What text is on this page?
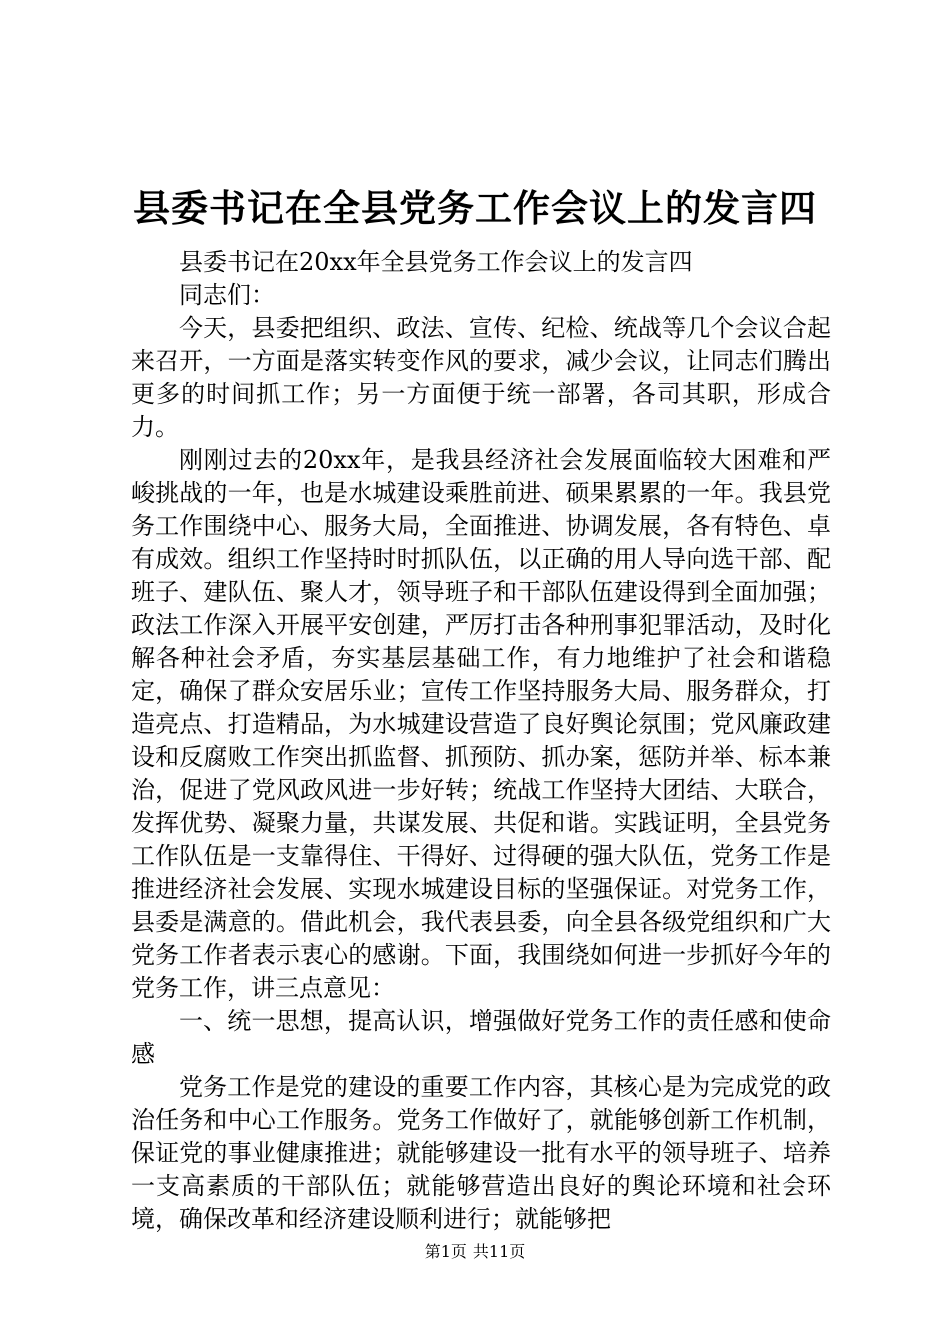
县委书记在全县党务工作会议上的发言四

县委书记在20xx年全县党务工作会议上的发言四

同志们：

今天，县委把组织、政法、宣传、纪检、统战等几个会议合起来召开，一方面是落实转变作风的要求，减少会议，让同志们腾出更多的时间抓工作；另一方面便于统一部署，各司其职，形成合力。

刚刚过去的20xx年，是我县经济社会发展面临较大困难和严峻挑战的一年，也是水城建设乘胜前进、硕果累累的一年。我县党务工作围绕中心、服务大局，全面推进、协调发展，各有特色、卓有成效。组织工作坚持时时抓队伍，以正确的用人导向选干部、配班子、建队伍、聚人才，领导班子和干部队伍建设得到全面加强；政法工作深入开展平安创建，严厉打击各种刑事犯罪活动，及时化解各种社会矛盾，夯实基层基础工作，有力地维护了社会和谐稳定，确保了群众安居乐业；宣传工作坚持服务大局、服务群众，打造亮点、打造精品，为水城建设营造了良好舆论氛围；党风廉政建设和反腐败工作突出抓监督、抓预防、抓办案，惩防并举、标本兼治，促进了党风政风进一步好转；统战工作坚持大团结、大联合，发挥优势、凝聚力量，共谋发展、共促和谐。实践证明，全县党务工作队伍是一支靠得住、干得好、过得硬的强大队伍，党务工作是推进经济社会发展、实现水城建设目标的坚强保证。对党务工作，县委是满意的。借此机会，我代表县委，向全县各级党组织和广大党务工作者表示衷心的感谢。下面，我围绕如何进一步抓好今年的党务工作，讲三点意见：

一、统一思想，提高认识，增强做好党务工作的责任感和使命感

党务工作是党的建设的重要工作内容，其核心是为完成党的政治任务和中心工作服务。党务工作做好了，就能够创新工作机制，保证党的事业健康推进；就能够建设一批有水平的领导班子、培养一支高素质的干部队伍；就能够营造出良好的舆论环境和社会环境，确保改革和经济建设顺利进行；就能够把

第1页 共11页
